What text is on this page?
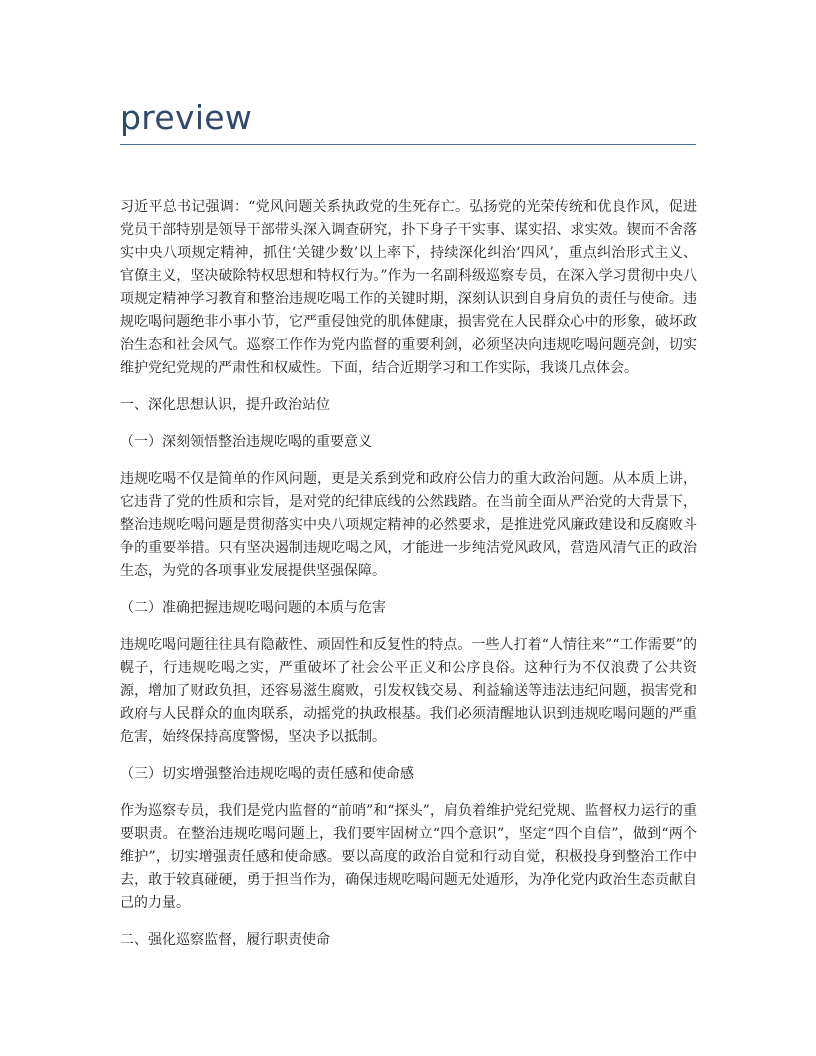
preview

习近平总书记强调：“党风问题关系执政党的生死存亡。弘扬党的光荣传统和优良作风，促进党员干部特别是领导干部带头深入调查研究，扑下身子干实事、谋实招、求实效。锲而不舍落实中央八项规定精神，抓住‘关键少数’以上率下，持续深化纠治‘四风’，重点纠治形式主义、官僚主义，坚决破除特权思想和特权行为。”作为一名副科级巡察专员，在深入学习贯彻中央八项规定精神学习教育和整治违规吃喝工作的关键时期，深刻认识到自身肩负的责任与使命。违规吃喝问题绝非小事小节，它严重侵蚀党的肌体健康，损害党在人民群众心中的形象，破坏政治生态和社会风气。巡察工作作为党内监督的重要利剑，必须坚决向违规吃喝问题亮剑，切实维护党纪党规的严肃性和权威性。下面，结合近期学习和工作实际，我谈几点体会。

一、深化思想认识，提升政治站位

（一）深刻领悟整治违规吃喝的重要意义

违规吃喝不仅是简单的作风问题，更是关系到党和政府公信力的重大政治问题。从本质上讲，它违背了党的性质和宗旨，是对党的纪律底线的公然践踏。在当前全面从严治党的大背景下，整治违规吃喝问题是贯彻落实中央八项规定精神的必然要求，是推进党风廉政建设和反腐败斗争的重要举措。只有坚决遏制违规吃喝之风，才能进一步纯洁党风政风，营造风清气正的政治生态，为党的各项事业发展提供坚强保障。

（二）准确把握违规吃喝问题的本质与危害

违规吃喝问题往往具有隐蔽性、顽固性和反复性的特点。一些人打着“人情往来”“工作需要”的幌子，行违规吃喝之实，严重破坏了社会公平正义和公序良俗。这种行为不仅浪费了公共资源，增加了财政负担，还容易滋生腐败，引发权钱交易、利益输送等违法违纪问题，损害党和政府与人民群众的血肉联系，动摇党的执政根基。我们必须清醒地认识到违规吃喝问题的严重危害，始终保持高度警惕，坚决予以抵制。

（三）切实增强整治违规吃喝的责任感和使命感

作为巡察专员，我们是党内监督的“前哨”和“探头”，肩负着维护党纪党规、监督权力运行的重要职责。在整治违规吃喝问题上，我们要牢固树立“四个意识”，坚定“四个自信”，做到“两个维护”，切实增强责任感和使命感。要以高度的政治自觉和行动自觉，积极投身到整治工作中去，敢于较真碰硬，勇于担当作为，确保违规吃喝问题无处遁形，为净化党内政治生态贡献自己的力量。

二、强化巡察监督，履行职责使命
